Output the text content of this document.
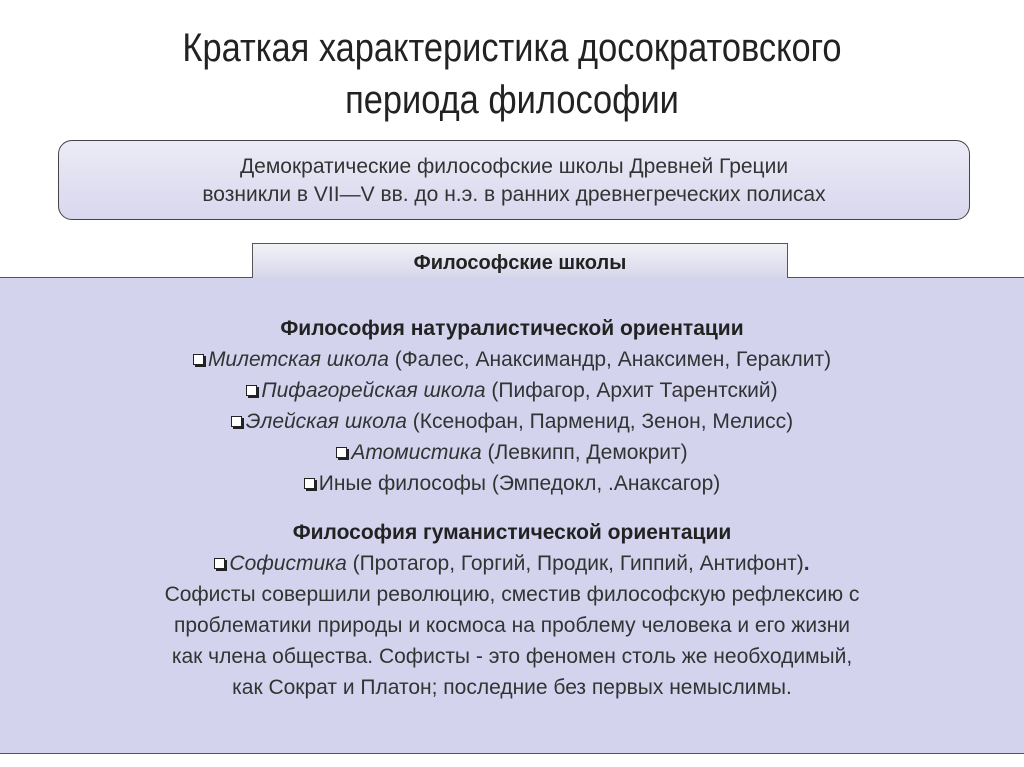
Краткая характеристика досократовского
периода философии
Демократические философские школы Древней Греции
возникли в VII—V вв. до н.э. в ранних древнегреческих полисах
Философские школы
Философия натуралистической ориентации
Милетская школа (Фалес, Анаксимандр, Анаксимен, Гераклит)
Пифагорейская школа (Пифагор, Архит Тарентский)
Элейская школа (Ксенофан, Парменид, Зенон, Мелисс)
Атомистика (Левкипп, Демокрит)
Иные философы (Эмпедокл, .Анаксагор)
Философия гуманистической ориентации
Софистика (Протагор, Горгий, Продик, Гиппий, Антифонт).
Софисты совершили революцию, сместив философскую рефлексию с
проблематики природы и космоса на проблему человека и его жизни
как члена общества. Софисты - это феномен столь же необходимый,
как Сократ и Платон; последние без первых немыслимы.
